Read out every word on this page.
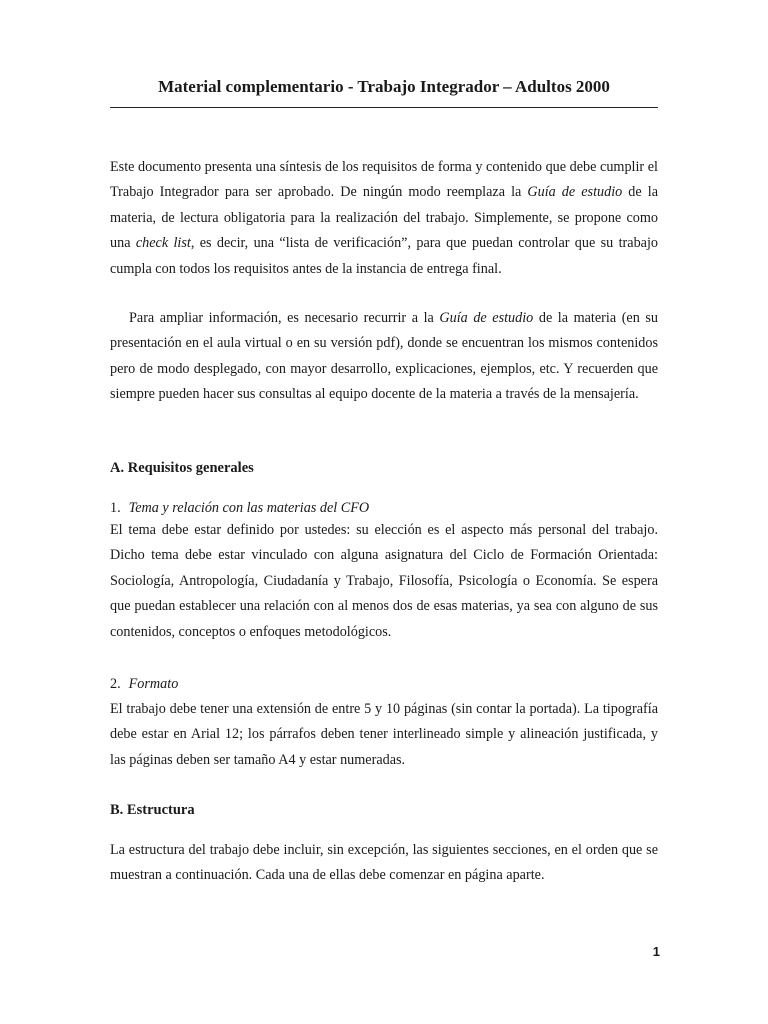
Material complementario - Trabajo Integrador – Adultos 2000

Este documento presenta una síntesis de los requisitos de forma y contenido que debe cumplir el Trabajo Integrador para ser aprobado. De ningún modo reemplaza la Guía de estudio de la materia, de lectura obligatoria para la realización del trabajo. Simplemente, se propone como una check list, es decir, una “lista de verificación”, para que puedan controlar que su trabajo cumpla con todos los requisitos antes de la instancia de entrega final.

Para ampliar información, es necesario recurrir a la Guía de estudio de la materia (en su presentación en el aula virtual o en su versión pdf), donde se encuentran los mismos contenidos pero de modo desplegado, con mayor desarrollo, explicaciones, ejemplos, etc. Y recuerden que siempre pueden hacer sus consultas al equipo docente de la materia a través de la mensajería.

A. Requisitos generales
1. Tema y relación con las materias del CFO

El tema debe estar definido por ustedes: su elección es el aspecto más personal del trabajo. Dicho tema debe estar vinculado con alguna asignatura del Ciclo de Formación Orientada: Sociología, Antropología, Ciudadanía y Trabajo, Filosofía, Psicología o Economía. Se espera que puedan establecer una relación con al menos dos de esas materias, ya sea con alguno de sus contenidos, conceptos o enfoques metodológicos.

2. Formato

El trabajo debe tener una extensión de entre 5 y 10 páginas (sin contar la portada). La tipografía debe estar en Arial 12; los párrafos deben tener interlineado simple y alineación justificada, y las páginas deben ser tamaño A4 y estar numeradas.

B. Estructura

La estructura del trabajo debe incluir, sin excepción, las siguientes secciones, en el orden que se muestran a continuación. Cada una de ellas debe comenzar en página aparte.

1
